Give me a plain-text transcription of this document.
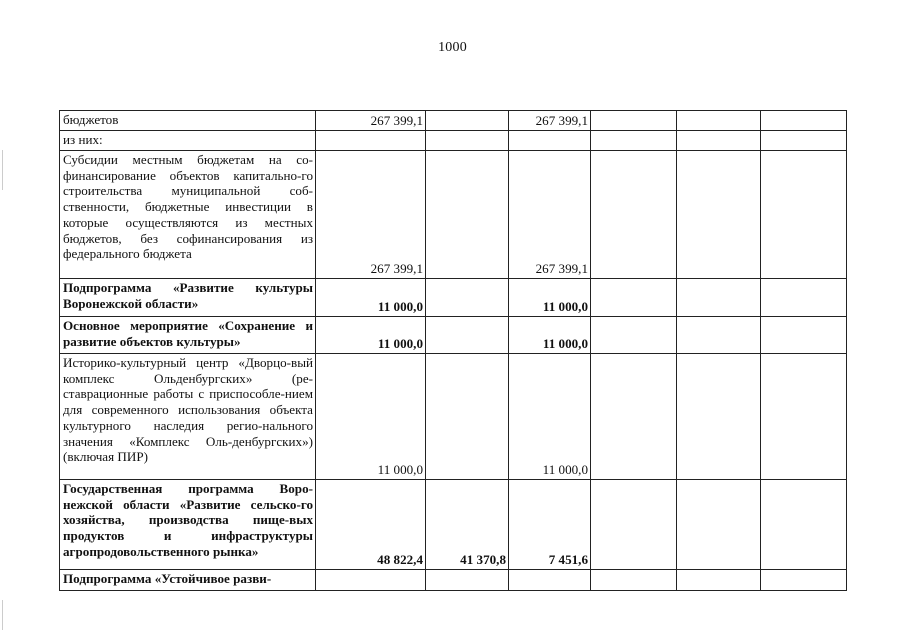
1000
бюджетов	267 399,1		267 399,1			
из них:						
Субсидии местным бюджетам на со-финансирование объектов капитально-го строительства муниципальной соб-ственности, бюджетные инвестиции в которые осуществляются из местных бюджетов, без софинансирования из федерального бюджета	267 399,1		267 399,1			
Подпрограмма «Развитие культуры Воронежской области»	11 000,0		11 000,0			
Основное мероприятие «Сохранение и развитие объектов культуры»	11 000,0		11 000,0			
Историко-культурный центр «Дворцо-вый комплекс Ольденбургских» (ре-ставрационные работы с приспособле-нием для современного использования объекта культурного наследия регио-нального значения «Комплекс Оль-денбургских») (включая ПИР)	11 000,0		11 000,0			
Государственная программа Воро-нежской области «Развитие сельско-го хозяйства, производства пище-вых продуктов и инфраструктуры агропродовольственного рынка»	48 822,4	41 370,8	7 451,6			
Подпрограмма «Устойчивое разви-						
